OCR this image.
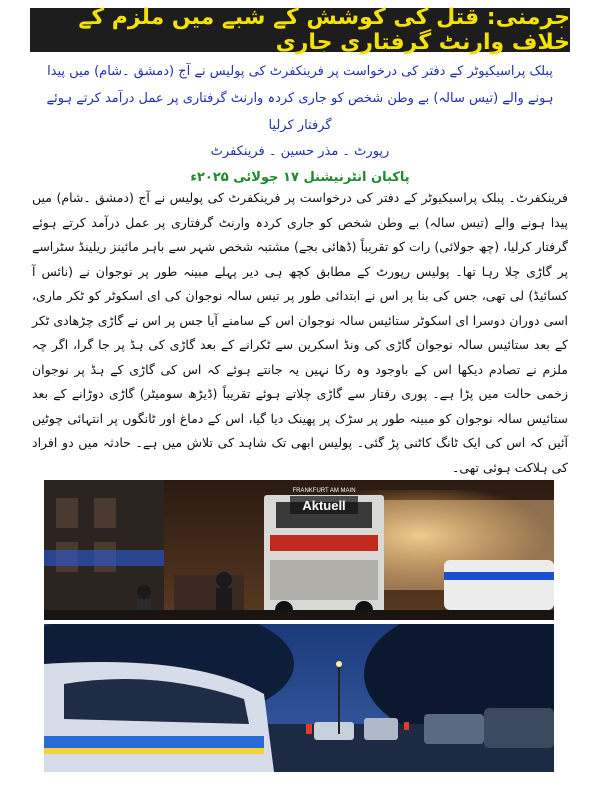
جرمنی: قتل کی کوشش کے شبے میں ملزم کے خلاف وارنٹ گرفتاری جاری
پبلک پراسیکیوٹر کے دفتر کی درخواست پر فرینکفرٹ کی پولیس نے آج (دمشق ۔شام) میں پیدا ہونے والے (تیس سالہ) بے وطن شخص کو جاری کردہ وارنٹ گرفتاری پر عمل درآمد کرتے ہوئے گرفتار کرلیا
رپورٹ ۔ مذر حسین ۔ فرینکفرٹ
پاکبان انٹرنیشنل ۱۷ جولائی ۲۰۲۵ء
فرینکفرٹ۔ پبلک پراسیکیوٹر کے دفتر کی درخواست پر فرینکفرٹ کی پولیس نے آج (دمشق ۔شام) میں پیدا ہونے والے (تیس سالہ) بے وطن شخص کو جاری کردہ وارنٹ گرفتاری پر عمل درآمد کرتے ہوئے گرفتار کرلیا، (چھ جولائی) رات کو تقریباً (ڈھائی بجے) مشتبہ شخص شہر سے باہر مائینز ریلینڈ سٹراسے پر گاڑی چلا رہا تھا۔ پولیس رپورٹ کے مطابق کچھ ہی دیر پہلے مبینہ طور پر نوجوان نے (نائس آ کسائیڈ) لی تھی، جس کی بنا پر اس نے ابتدائی طور پر تیس سالہ نوجوان کی ای اسکوٹر کو ٹکر ماری، اسی دوران دوسرا ای اسکوٹر ستائیس سالہ نوجوان اس کے سامنے آیا جس پر اس نے گاڑی چڑھادی ٹکر کے بعد ستائیس سالہ نوجوان گاڑی کی ونڈ اسکرین سے ٹکرانے کے بعد گاڑی کی ہڈ پر جا گرا، اگر چہ ملزم نے تصادم دیکھا اس کے باوجود وہ رکا نہیں یہ جانتے ہوئے کہ اس کی گاڑی کے ہڈ پر نوجوان زخمی حالت میں پڑا ہے۔ پوری رفتار سے گاڑی چلاتے ہوئے تقریباً (ڈیڑھ سومیٹر) گاڑی دوڑانے کے بعد ستائیس سالہ نوجوان کو مبینہ طور پر سڑک پر پھینک دیا گیا، اس کے دماغ اور ٹانگوں پر انتہائی چوٹیں آئیں کہ اس کی ایک ٹانگ کاٹنی پڑ گئی۔ پولیس ابھی تک شاہد کی تلاش میں ہے۔ حادثہ میں دو افراد کی ہلاکت ہوئی تھی۔
FRANKFURT AM MAIN
Aktuell
